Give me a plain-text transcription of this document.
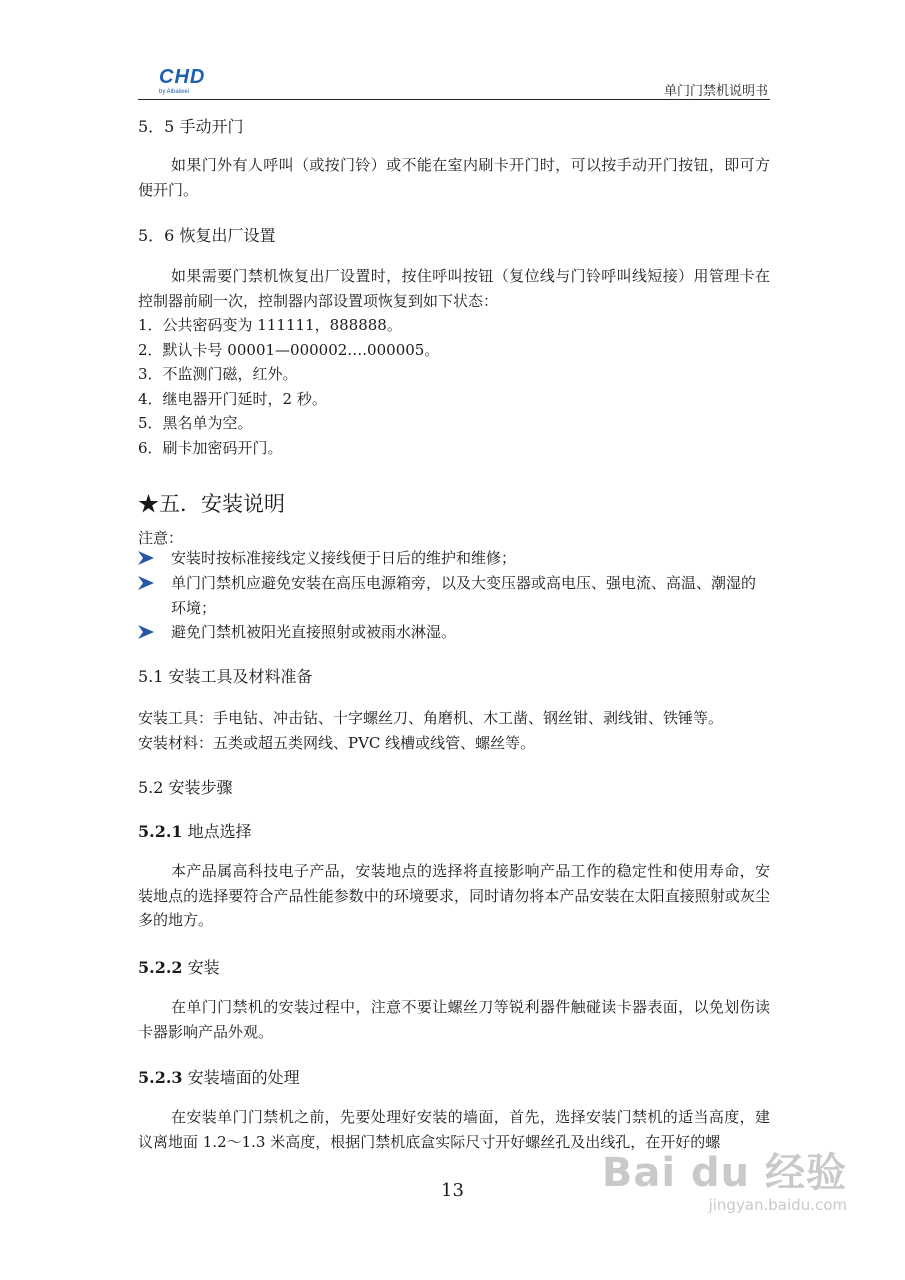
CHD
by Aibaiwei	单门门禁机说明书
5．5 手动开门
如果门外有人呼叫（或按门铃）或不能在室内刷卡开门时，可以按手动开门按钮，即可方便开门。
5．6 恢复出厂设置
如果需要门禁机恢复出厂设置时，按住呼叫按钮（复位线与门铃呼叫线短接）用管理卡在控制器前刷一次，控制器内部设置项恢复到如下状态：
1．公共密码变为 111111，888888。
2．默认卡号 00001—000002….000005。
3．不监测门磁，红外。
4．继电器开门延时，2 秒。
5．黑名单为空。
6．刷卡加密码开门。
★五．安装说明
注意：
安装时按标准接线定义接线便于日后的维护和维修；
单门门禁机应避免安装在高压电源箱旁，以及大变压器或高电压、强电流、高温、潮湿的环境；
避免门禁机被阳光直接照射或被雨水淋湿。
5.1 安装工具及材料准备
安装工具：手电钻、冲击钻、十字螺丝刀、角磨机、木工凿、钢丝钳、剥线钳、铁锤等。
安装材料：五类或超五类网线、PVC 线槽或线管、螺丝等。
5.2 安装步骤
5.2.1 地点选择
本产品属高科技电子产品，安装地点的选择将直接影响产品工作的稳定性和使用寿命，安装地点的选择要符合产品性能参数中的环境要求，同时请勿将本产品安装在太阳直接照射或灰尘多的地方。
5.2.2 安装
在单门门禁机的安装过程中，注意不要让螺丝刀等锐利器件触碰读卡器表面，以免划伤读卡器影响产品外观。
5.2.3 安装墙面的处理
在安装单门门禁机之前，先要处理好安装的墙面，首先，选择安装门禁机的适当高度，建议离地面 1.2～1.3 米高度，根据门禁机底盒实际尺寸开好螺丝孔及出线孔，在开好的螺
13	Bai du 经验
jingyan.baidu.com
